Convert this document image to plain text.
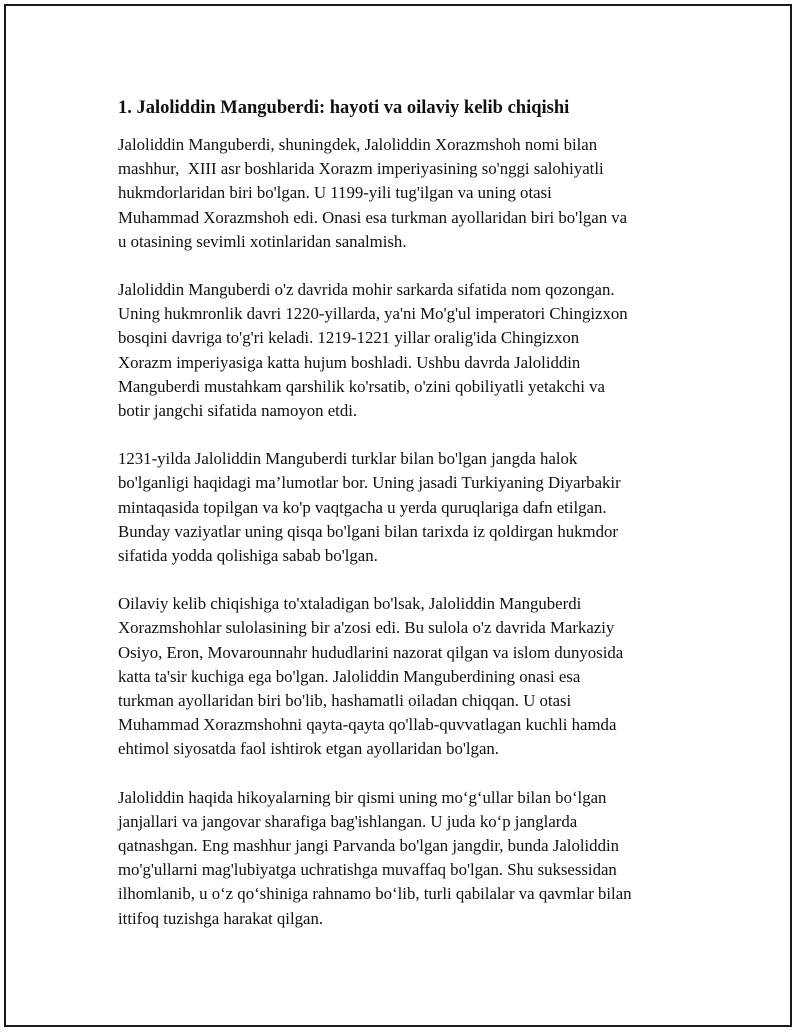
1. Jaloliddin Manguberdi: hayoti va oilaviy kelib chiqishi
Jaloliddin Manguberdi, shuningdek, Jaloliddin Xorazmshoh nomi bilan
mashhur,  XIII asr boshlarida Xorazm imperiyasining so'nggi salohiyatli
hukmdorlaridan biri bo'lgan. U 1199-yili tug'ilgan va uning otasi
Muhammad Xorazmshoh edi. Onasi esa turkman ayollaridan biri bo'lgan va
u otasining sevimli xotinlaridan sanalmish.
Jaloliddin Manguberdi o'z davrida mohir sarkarda sifatida nom qozongan.
Uning hukmronlik davri 1220-yillarda, ya'ni Mo'g'ul imperatori Chingizxon
bosqini davriga to'g'ri keladi. 1219-1221 yillar oralig'ida Chingizxon
Xorazm imperiyasiga katta hujum boshladi. Ushbu davrda Jaloliddin
Manguberdi mustahkam qarshilik ko'rsatib, o'zini qobiliyatli yetakchi va
botir jangchi sifatida namoyon etdi.
1231-yilda Jaloliddin Manguberdi turklar bilan bo'lgan jangda halok
bo'lganligi haqidagi ma’lumotlar bor. Uning jasadi Turkiyaning Diyarbakir
mintaqasida topilgan va ko'p vaqtgacha u yerda quruqlariga dafn etilgan.
Bunday vaziyatlar uning qisqa bo'lgani bilan tarixda iz qoldirgan hukmdor
sifatida yodda qolishiga sabab bo'lgan.
Oilaviy kelib chiqishiga to'xtaladigan bo'lsak, Jaloliddin Manguberdi
Xorazmshohlar sulolasining bir a'zosi edi. Bu sulola o'z davrida Markaziy
Osiyo, Eron, Movarounnahr hududlarini nazorat qilgan va islom dunyosida
katta ta'sir kuchiga ega bo'lgan. Jaloliddin Manguberdining onasi esa
turkman ayollaridan biri bo'lib, hashamatli oiladan chiqqan. U otasi
Muhammad Xorazmshohni qayta-qayta qo'llab-quvvatlagan kuchli hamda
ehtimol siyosatda faol ishtirok etgan ayollaridan bo'lgan.
Jaloliddin haqida hikoyalarning bir qismi uning mo‘g‘ullar bilan bo‘lgan
janjallari va jangovar sharafiga bag'ishlangan. U juda ko‘p janglarda
qatnashgan. Eng mashhur jangi Parvanda bo'lgan jangdir, bunda Jaloliddin
mo'g'ullarni mag'lubiyatga uchratishga muvaffaq bo'lgan. Shu suksessidan
ilhomlanib, u o‘z qo‘shiniga rahnamo bo‘lib, turli qabilalar va qavmlar bilan
ittifoq tuzishga harakat qilgan.
